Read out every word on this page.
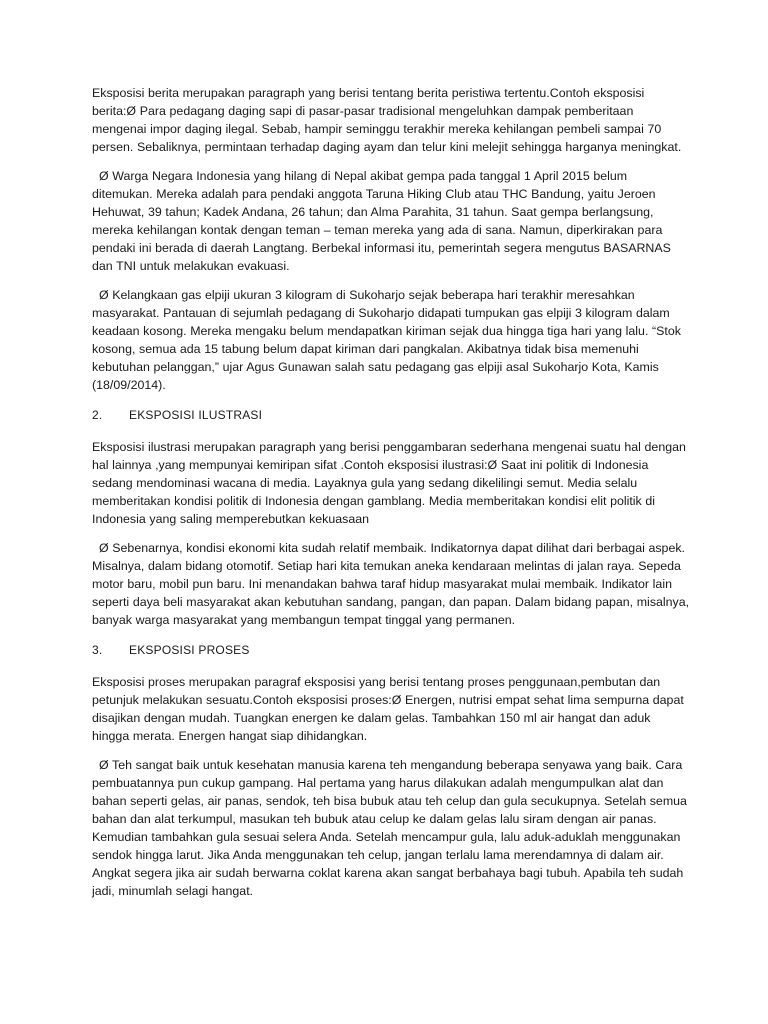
Eksposisi berita merupakan paragraph yang berisi tentang berita peristiwa tertentu.Contoh eksposisi berita:Ø Para pedagang daging sapi di pasar-pasar tradisional mengeluhkan dampak pemberitaan mengenai impor daging ilegal. Sebab, hampir seminggu terakhir mereka kehilangan pembeli sampai 70 persen. Sebaliknya, permintaan terhadap daging ayam dan telur kini melejit sehingga harganya meningkat.

Ø Warga Negara Indonesia yang hilang di Nepal akibat gempa pada tanggal 1 April 2015 belum ditemukan. Mereka adalah para pendaki anggota Taruna Hiking Club atau THC Bandung, yaitu Jeroen Hehuwat, 39 tahun; Kadek Andana, 26 tahun; dan Alma Parahita, 31 tahun. Saat gempa berlangsung, mereka kehilangan kontak dengan teman – teman mereka yang ada di sana. Namun, diperkirakan para pendaki ini berada di daerah Langtang. Berbekal informasi itu, pemerintah segera mengutus BASARNAS dan TNI untuk melakukan evakuasi.

Ø Kelangkaan gas elpiji ukuran 3 kilogram di Sukoharjo sejak beberapa hari terakhir meresahkan masyarakat. Pantauan di sejumlah pedagang di Sukoharjo didapati tumpukan gas elpiji 3 kilogram dalam keadaan kosong. Mereka mengaku belum mendapatkan kiriman sejak dua hingga tiga hari yang lalu. “Stok kosong, semua ada 15 tabung belum dapat kiriman dari pangkalan. Akibatnya tidak bisa memenuhi kebutuhan pelanggan,” ujar Agus Gunawan salah satu pedagang gas elpiji asal Sukoharjo Kota, Kamis (18/09/2014).

2.	EKSPOSISI ILUSTRASI

Eksposisi ilustrasi merupakan paragraph yang berisi penggambaran sederhana mengenai suatu hal dengan hal lainnya ,yang mempunyai kemiripan sifat .Contoh eksposisi ilustrasi:Ø Saat ini politik di Indonesia sedang mendominasi wacana di media. Layaknya gula yang sedang dikelilingi semut. Media selalu memberitakan kondisi politik di Indonesia dengan gamblang. Media memberitakan kondisi elit politik di Indonesia yang saling memperebutkan kekuasaan

Ø Sebenarnya, kondisi ekonomi kita sudah relatif membaik. Indikatornya dapat dilihat dari berbagai aspek. Misalnya, dalam bidang otomotif. Setiap hari kita temukan aneka kendaraan melintas di jalan raya. Sepeda motor baru, mobil pun baru. Ini menandakan bahwa taraf hidup masyarakat mulai membaik. Indikator lain seperti daya beli masyarakat akan kebutuhan sandang, pangan, dan papan. Dalam bidang papan, misalnya, banyak warga masyarakat yang membangun tempat tinggal yang permanen.

3.	EKSPOSISI PROSES

Eksposisi proses merupakan paragraf eksposisi yang berisi tentang proses penggunaan,pembutan dan petunjuk melakukan sesuatu.Contoh eksposisi proses:Ø Energen, nutrisi empat sehat lima sempurna dapat disajikan dengan mudah. Tuangkan energen ke dalam gelas. Tambahkan 150 ml air hangat dan aduk hingga merata. Energen hangat siap dihidangkan.

Ø Teh sangat baik untuk kesehatan manusia karena teh mengandung beberapa senyawa yang baik. Cara pembuatannya pun cukup gampang. Hal pertama yang harus dilakukan adalah mengumpulkan alat dan bahan seperti gelas, air panas, sendok, teh bisa bubuk atau teh celup dan gula secukupnya. Setelah semua bahan dan alat terkumpul, masukan teh bubuk atau celup ke dalam gelas lalu siram dengan air panas. Kemudian tambahkan gula sesuai selera Anda. Setelah mencampur gula, lalu aduk-aduklah menggunakan sendok hingga larut. Jika Anda menggunakan teh celup, jangan terlalu lama merendamnya di dalam air. Angkat segera jika air sudah berwarna coklat karena akan sangat berbahaya bagi tubuh. Apabila teh sudah jadi, minumlah selagi hangat.
